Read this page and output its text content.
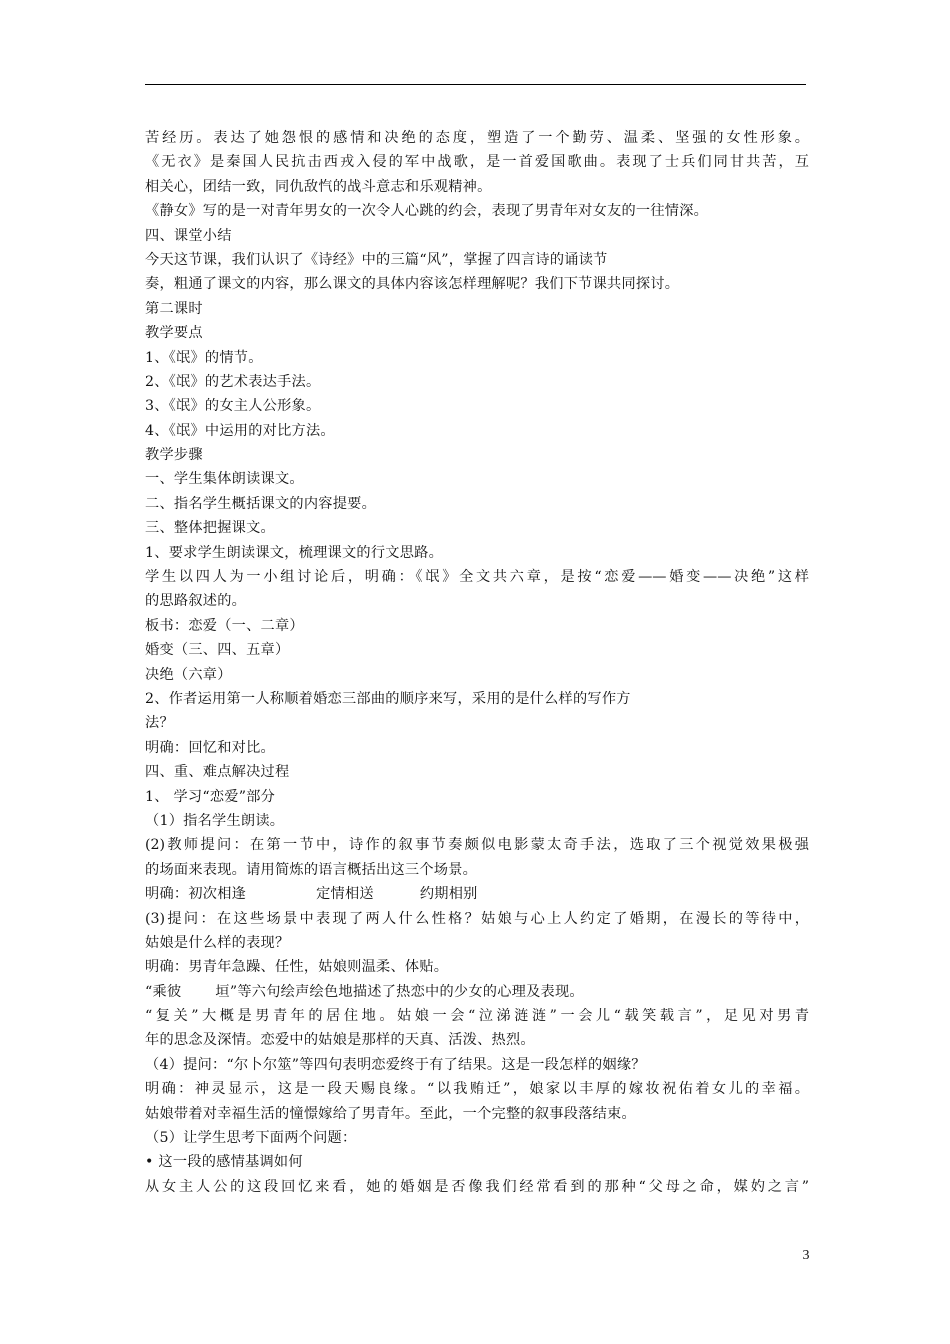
苦经历。表达了她怨恨的感情和决绝的态度，塑造了一个勤劳、温柔、坚强的女性形象。
《无衣》是秦国人民抗击西戎入侵的军中战歌，是一首爱国歌曲。表现了士兵们同甘共苦，互
相关心，团结一致，同仇敌忾的战斗意志和乐观精神。
《静女》写的是一对青年男女的一次令人心跳的约会，表现了男青年对女友的一往情深。
四、课堂小结
今天这节课，我们认识了《诗经》中的三篇“风”，掌握了四言诗的诵读节
奏，粗通了课文的内容，那么课文的具体内容该怎样理解呢？我们下节课共同探讨。
第二课时
教学要点
1、《氓》的情节。
2、《氓》的艺术表达手法。
3、《氓》的女主人公形象。
4、《氓》中运用的对比方法。
教学步骤
一、学生集体朗读课文。
二、指名学生概括课文的内容提要。
三、整体把握课文。
1、要求学生朗读课文，梳理课文的行文思路。
学生以四人为一小组讨论后，明确：《氓》全文共六章，是按“恋爱——婚变——决绝”这样
的思路叙述的。
板书：恋爱（一、二章）
婚变（三、四、五章）
决绝（六章）
2、作者运用第一人称顺着婚恋三部曲的顺序来写，采用的是什么样的写作方
法？
明确：回忆和对比。
四、重、难点解决过程
1、 学习“恋爱”部分
（1）指名学生朗读。
(2)教师提问：在第一节中，诗作的叙事节奏颇似电影蒙太奇手法，选取了三个视觉效果极强
的场面来表现。请用简炼的语言概括出这三个场景。
明确：初次相逢	定情相送	约期相别
(3)提问：在这些场景中表现了两人什么性格？姑娘与心上人约定了婚期，在漫长的等待中，
姑娘是什么样的表现？
明确：男青年急躁、任性，姑娘则温柔、体贴。
“乘彼 垣”等六句绘声绘色地描述了热恋中的少女的心理及表现。
“复关”大概是男青年的居住地。姑娘一会“泣涕涟涟”一会儿“载笑载言”，足见对男青
年的思念及深情。恋爱中的姑娘是那样的天真、活泼、热烈。
（4）提问：“尔卜尔筮”等四句表明恋爱终于有了结果。这是一段怎样的姻缘？
明确：神灵显示，这是一段天赐良缘。“以我贿迁”，娘家以丰厚的嫁妆祝佑着女儿的幸福。
姑娘带着对幸福生活的憧憬嫁给了男青年。至此，一个完整的叙事段落结束。
（5）让学生思考下面两个问题：
• 这一段的感情基调如何
从女主人公的这段回忆来看，她的婚姻是否像我们经常看到的那种“父母之命，媒妁之言”
3
